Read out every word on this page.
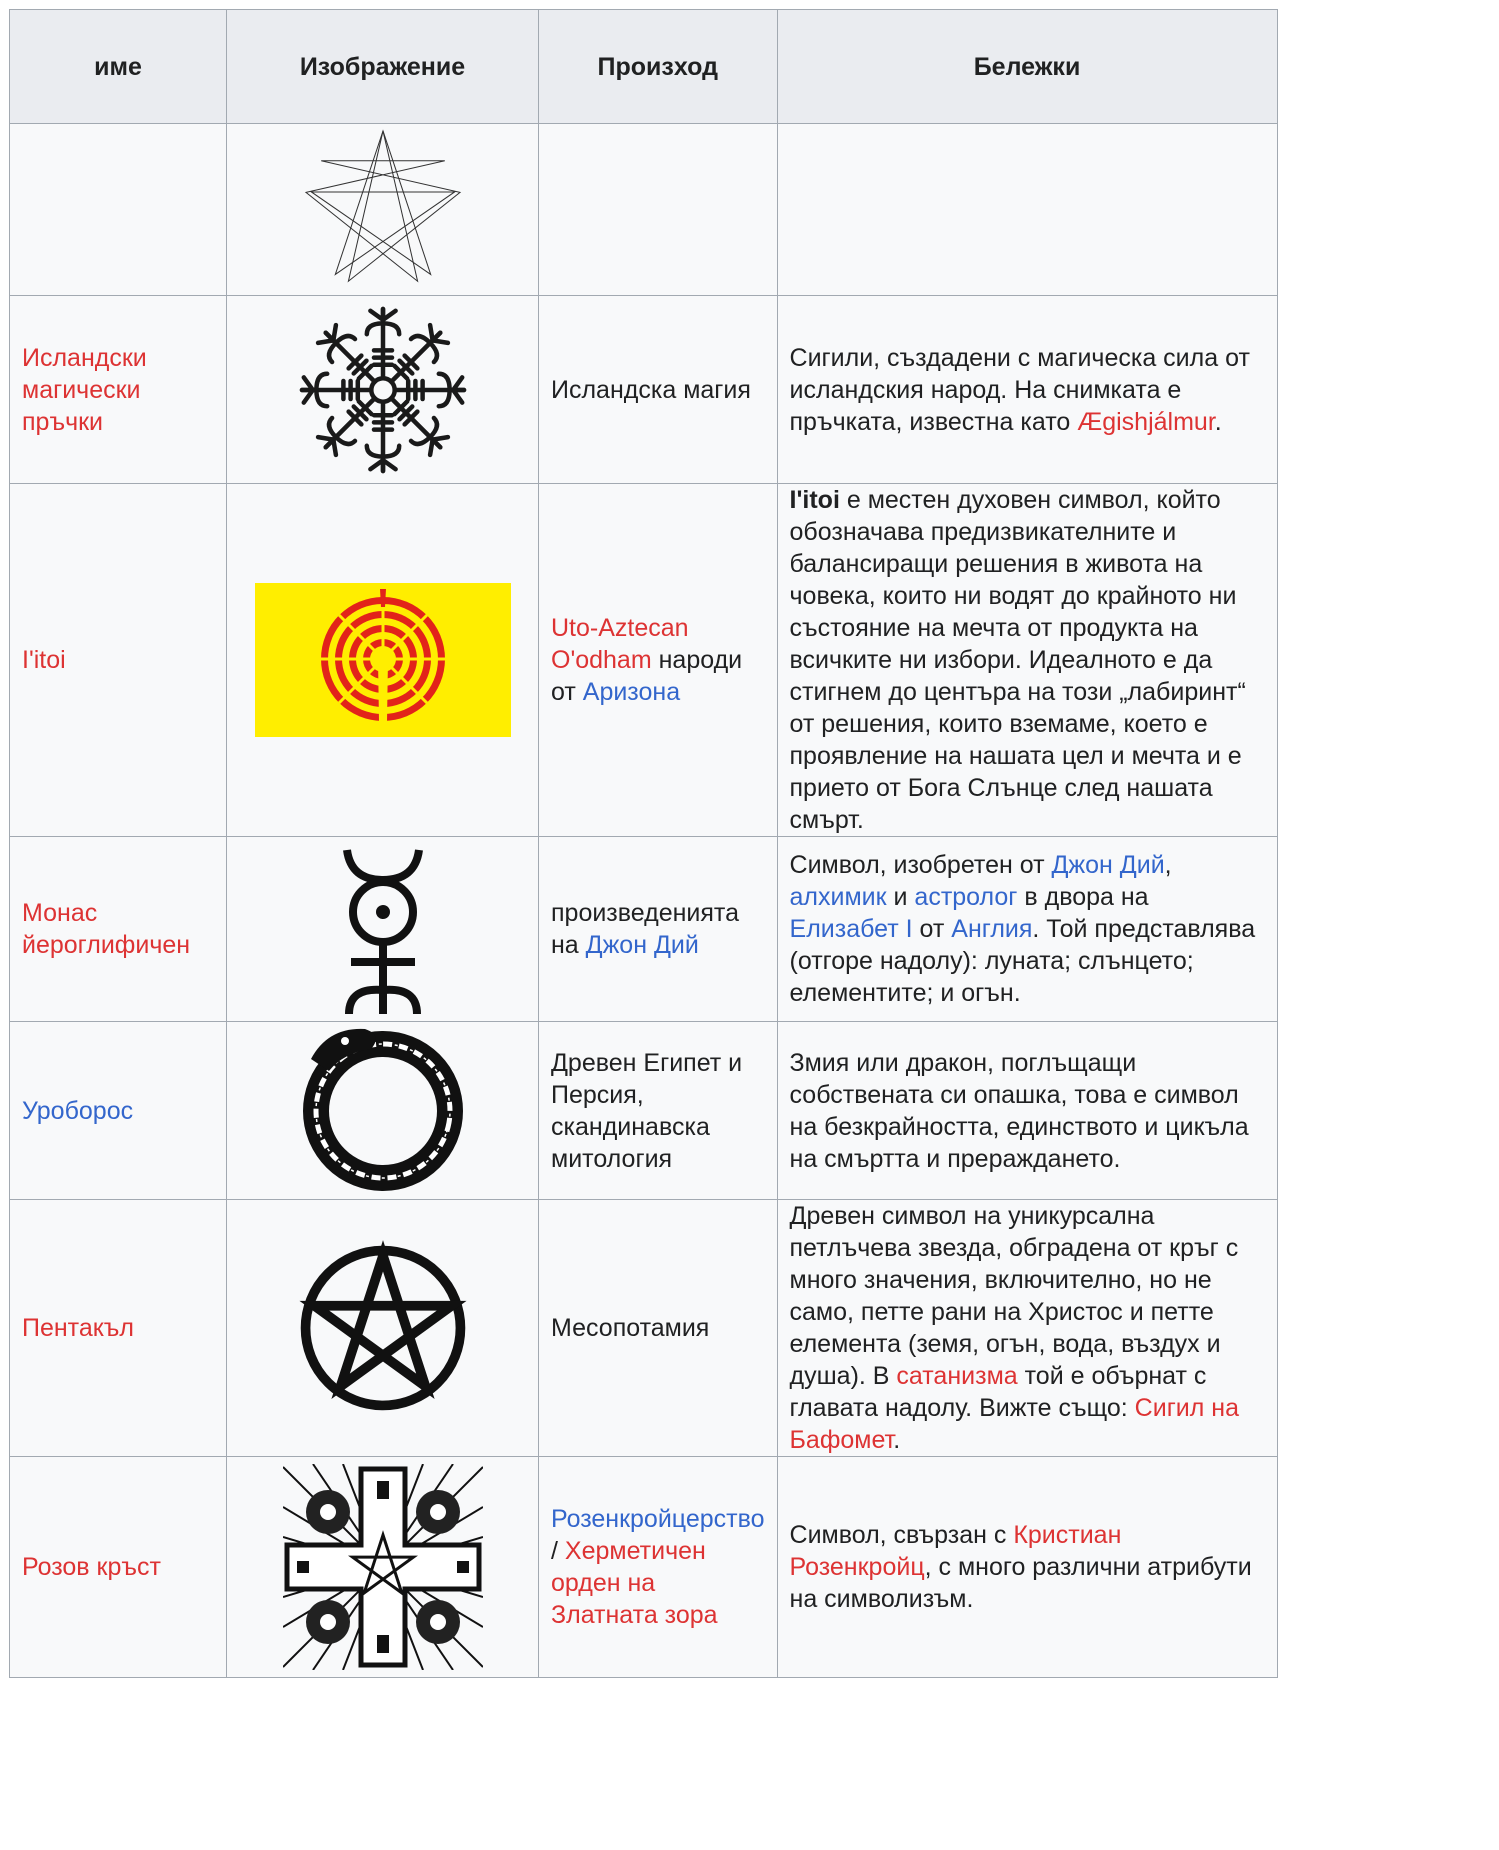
име	Изображение	Произход	Бележки

Исландски магически пръчки		Исландска магия	Сигили, създадени с магическа сила от исландския народ. На снимката е пръчката, известна като Ægishjálmur.
I'itoi		Uto-Aztecan O'odham народи от Аризона	I'itoi е местен духовен символ, който обозначава предизвикателните и балансиращи решения в живота на човека, които ни водят до крайното ни състояние на мечта от продукта на всичките ни избори. Идеалното е да стигнем до центъра на този „лабиринт“ от решения, които вземаме, което е проявление на нашата цел и мечта и е прието от Бога Слънце след нашата смърт.
Монас йероглифичен		произведенията на Джон Дий	Символ, изобретен от Джон Дий, алхимик и астролог в двора на Елизабет I от Англия. Той представлява (отгоре надолу): луната; слънцето; елементите; и огън.
Уроборос		Древен Египет и Персия, скандинавска митология	Змия или дракон, поглъщащи собствената си опашка, това е символ на безкрайността, единството и цикъла на смъртта и прераждането.
Пентакъл		Месопотамия	Древен символ на уникурсална петлъчева звезда, обградена от кръг с много значения, включително, но не само, петте рани на Христос и петте елемента (земя, огън, вода, въздух и душа). В сатанизма той е обърнат с главата надолу. Вижте също: Сигил на Бафомет.
Розов кръст		Розенкройцерство / Херметичен орден на Златната зора	Символ, свързан с Кристиан Розенкройц, с много различни атрибути на символизъм.
